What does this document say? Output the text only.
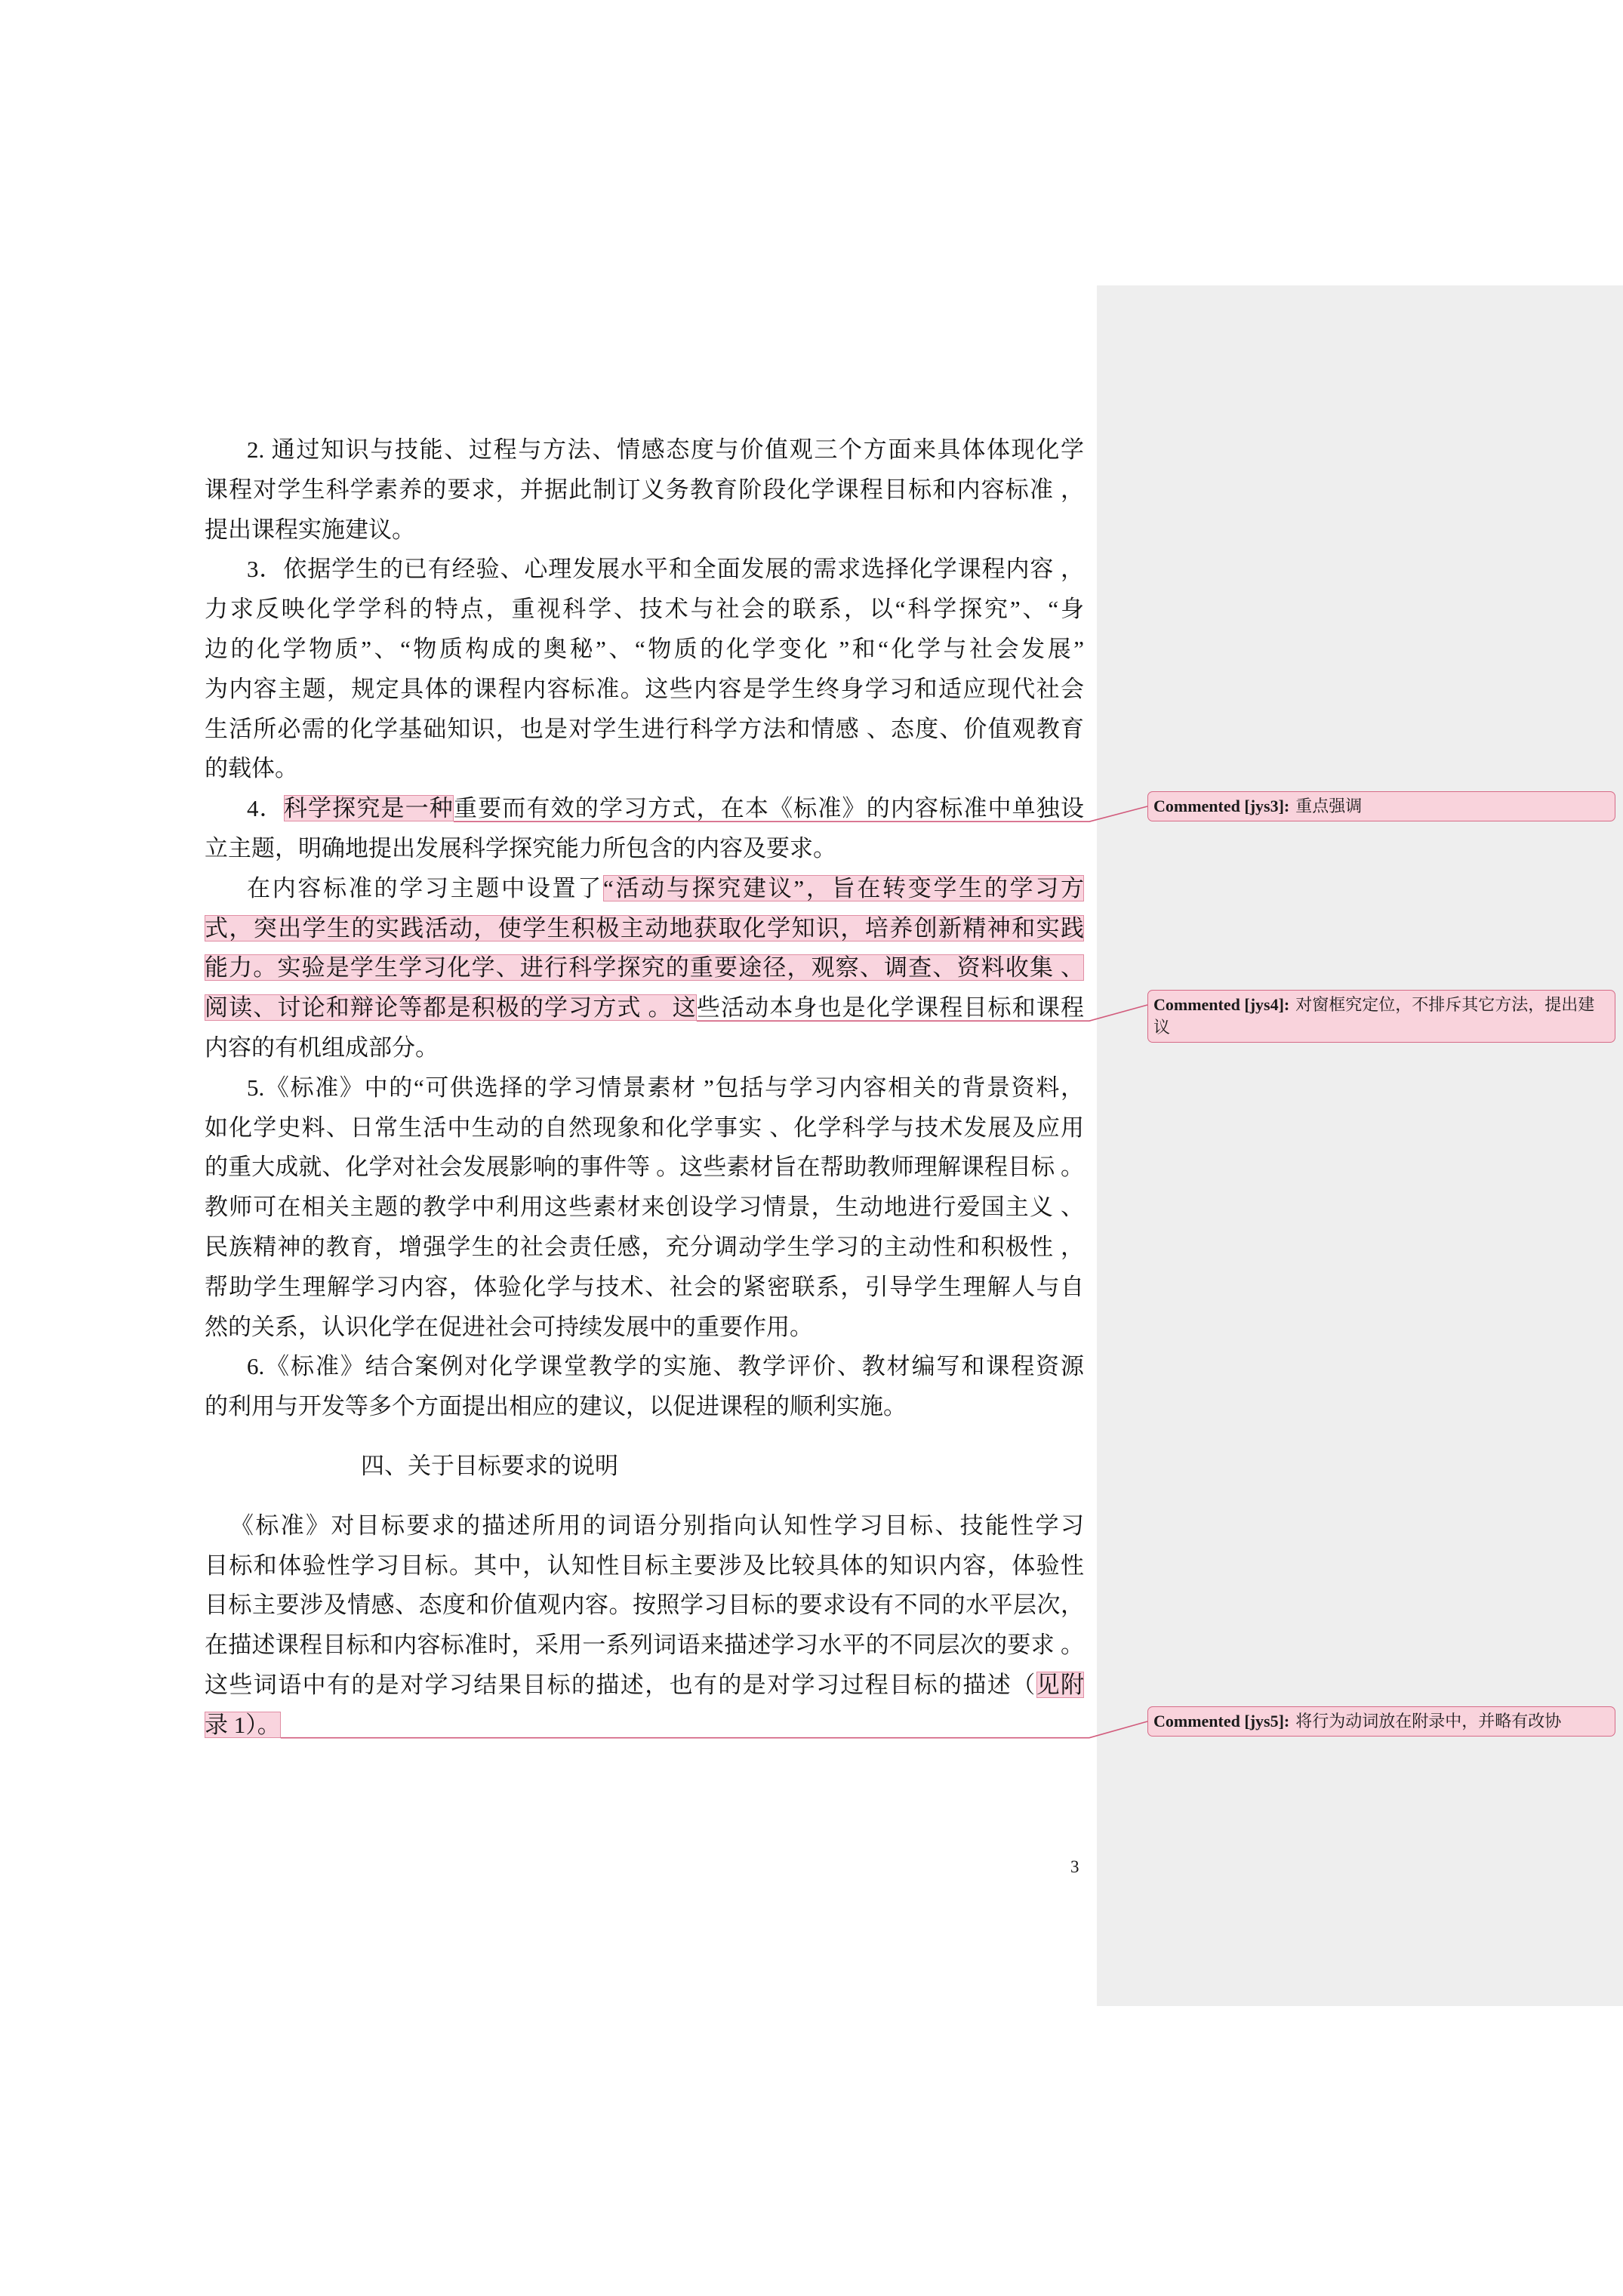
2. 通过知识与技能、过程与方法、情感态度与价值观三个方面来具体体现化学
课程对学生科学素养的要求，并据此制订义务教育阶段化学课程目标和内容标准 ，
提出课程实施建议。
3．依据学生的已有经验、心理发展水平和全面发展的需求选择化学课程内容 ，
力求反映化学学科的特点，重视科学、技术与社会的联系，以“科学探究”、“身
边的化学物质”、“物质构成的奥秘”、“物质的化学变化 ”和“化学与社会发展”
为内容主题，规定具体的课程内容标准。这些内容是学生终身学习和适应现代社会
生活所必需的化学基础知识，也是对学生进行科学方法和情感 、态度、价值观教育
的载体。
4．科学探究是一种重要而有效的学习方式，在本《标准》的内容标准中单独设
立主题，明确地提出发展科学探究能力所包含的内容及要求。
在内容标准的学习主题中设置了“活动与探究建议”，旨在转变学生的学习方
式，突出学生的实践活动，使学生积极主动地获取化学知识，培养创新精神和实践
能力。实验是学生学习化学、进行科学探究的重要途径，观察、调查、资料收集 、
阅读、讨论和辩论等都是积极的学习方式 。这些活动本身也是化学课程目标和课程
内容的有机组成部分。
5.《标准》中的“可供选择的学习情景素材 ”包括与学习内容相关的背景资料，
如化学史料、日常生活中生动的自然现象和化学事实 、化学科学与技术发展及应用
的重大成就、化学对社会发展影响的事件等 。这些素材旨在帮助教师理解课程目标 。
教师可在相关主题的教学中利用这些素材来创设学习情景，生动地进行爱国主义 、
民族精神的教育，增强学生的社会责任感，充分调动学生学习的主动性和积极性 ，
帮助学生理解学习内容，体验化学与技术、社会的紧密联系，引导学生理解人与自
然的关系，认识化学在促进社会可持续发展中的重要作用。
6.《标准》结合案例对化学课堂教学的实施、教学评价、教材编写和课程资源
的利用与开发等多个方面提出相应的建议，以促进课程的顺利实施。
四、关于目标要求的说明
《标准》对目标要求的描述所用的词语分别指向认知性学习目标、技能性学习
目标和体验性学习目标。其中，认知性目标主要涉及比较具体的知识内容，体验性
目标主要涉及情感、态度和价值观内容。按照学习目标的要求设有不同的水平层次，
在描述课程目标和内容标准时，采用一系列词语来描述学习水平的不同层次的要求 。
这些词语中有的是对学习结果目标的描述，也有的是对学习过程目标的描述（见附
录 1）。
Commented [jys3]: 重点强调
Commented [jys4]: 对窗框究定位，不排斥其它方法，提出建议
Commented [jys5]: 将行为动词放在附录中，并略有改协
3
